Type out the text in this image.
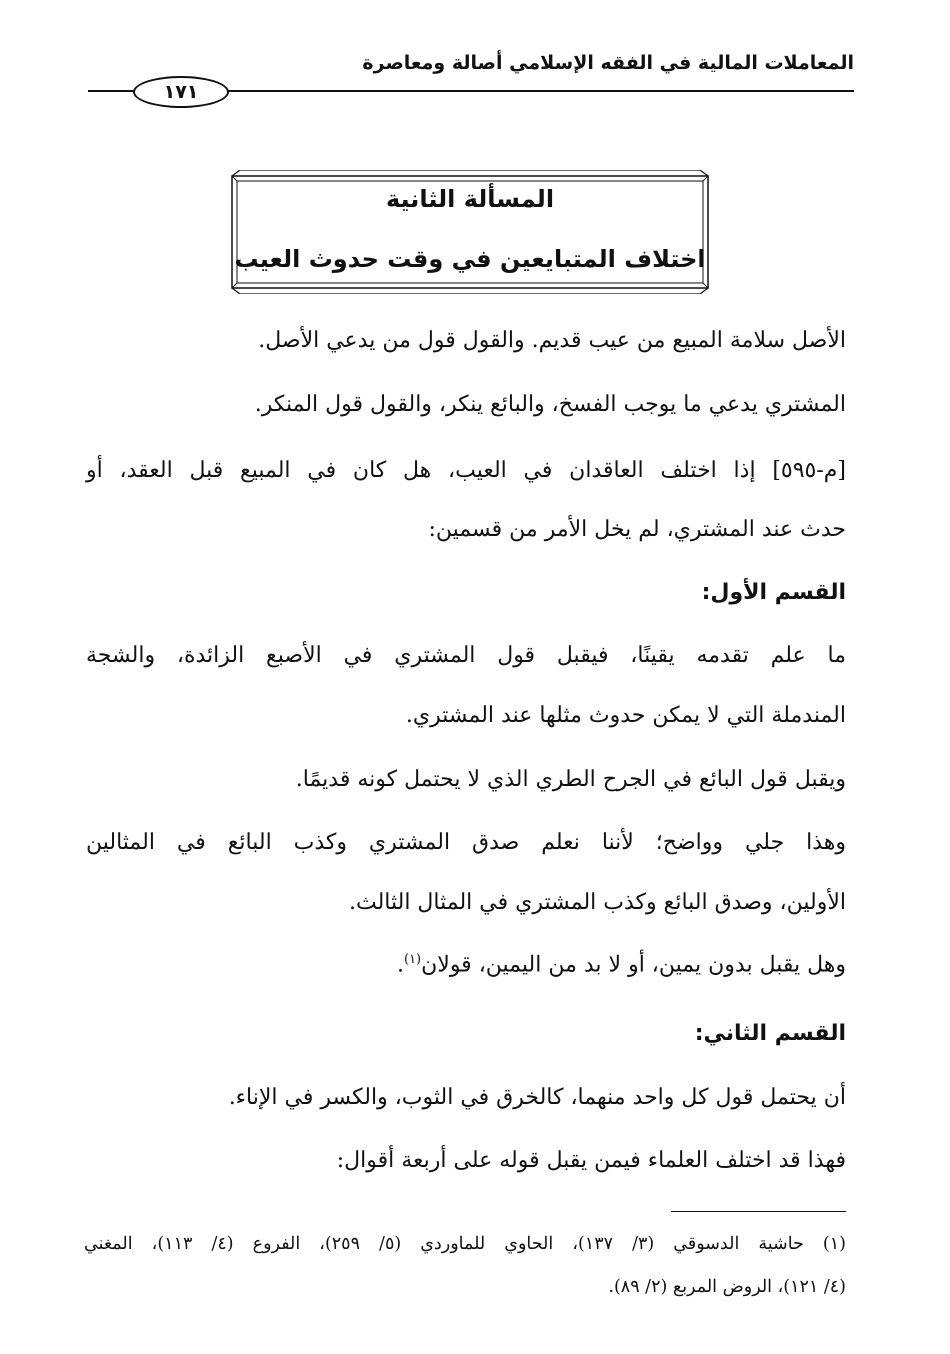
المعاملات المالية في الفقه الإسلامي أصالة ومعاصرة
١٧١
المسألة الثانية
اختلاف المتبايعين في وقت حدوث العيب
الأصل سلامة المبيع من عيب قديم. والقول قول من يدعي الأصل.
المشتري يدعي ما يوجب الفسخ، والبائع ينكر، والقول قول المنكر.
[م-٥٩٥] إذا اختلف العاقدان في العيب، هل كان في المبيع قبل العقد، أو
حدث عند المشتري، لم يخل الأمر من قسمين:
القسم الأول:
ما علم تقدمه يقينًا، فيقبل قول المشتري في الأصبع الزائدة، والشجة
المندملة التي لا يمكن حدوث مثلها عند المشتري.
ويقبل قول البائع في الجرح الطري الذي لا يحتمل كونه قديمًا.
وهذا جلي وواضح؛ لأننا نعلم صدق المشتري وكذب البائع في المثالين
الأولين، وصدق البائع وكذب المشتري في المثال الثالث.
وهل يقبل بدون يمين، أو لا بد من اليمين، قولان$^{(١)}$.
القسم الثاني:
أن يحتمل قول كل واحد منهما، كالخرق في الثوب، والكسر في الإناء.
فهذا قد اختلف العلماء فيمن يقبل قوله على أربعة أقوال:
(١) حاشية الدسوقي (٣/ ١٣٧)، الحاوي للماوردي (٥/ ٢٥٩)، الفروع (٤/ ١١٣)، المغني
(٤/ ١٢١)، الروض المربع (٢/ ٨٩).
